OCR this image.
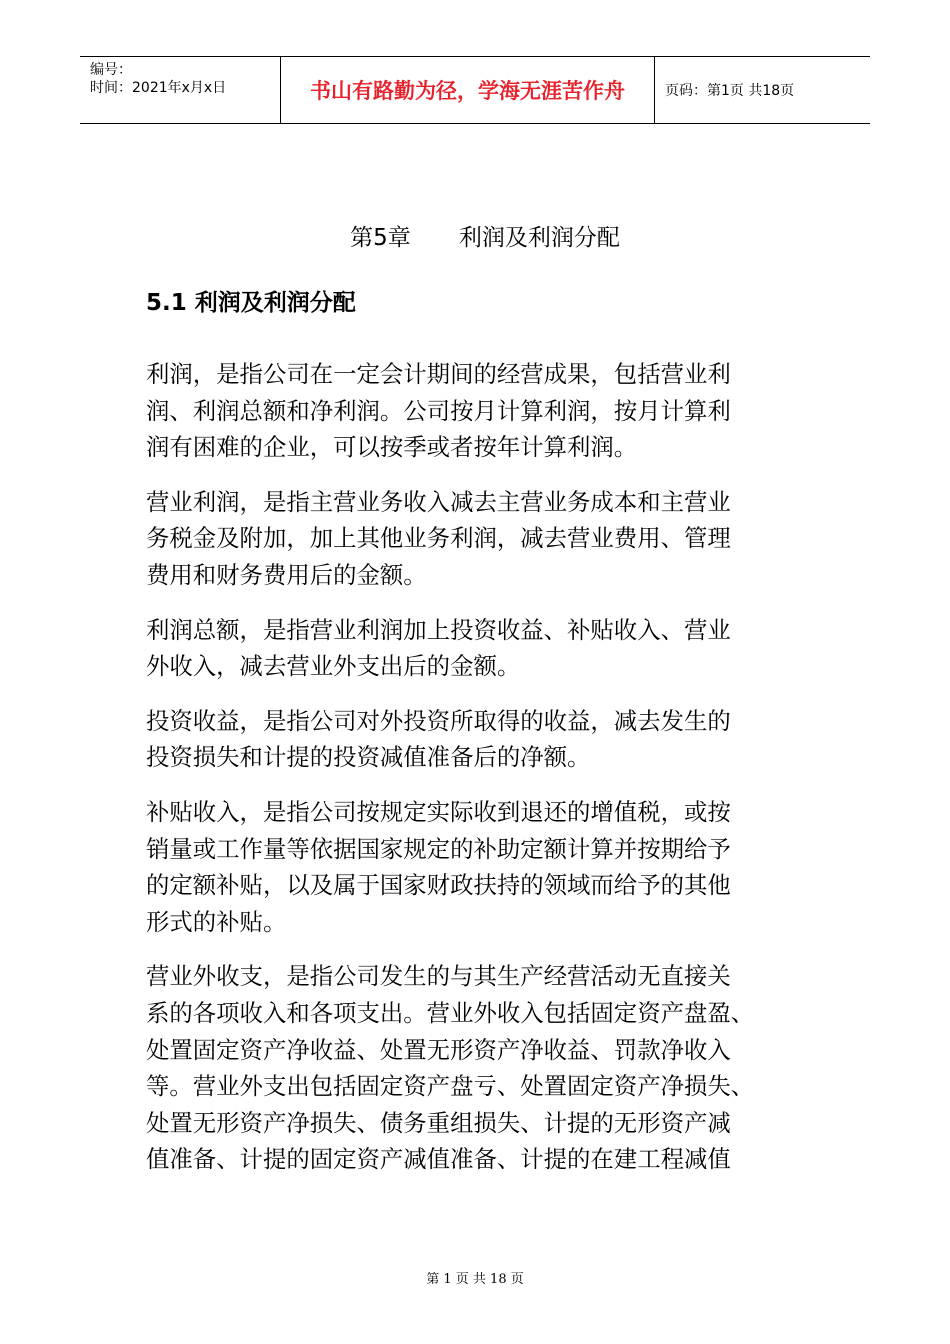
编号：
时间：2021年x月x日	书山有路勤为径，学海无涯苦作舟	页码：第1页 共18页
第5章 利润及利润分配
5.1 利润及利润分配

利润，是指公司在一定会计期间的经营成果，包括营业利
润、利润总额和净利润。公司按月计算利润，按月计算利
润有困难的企业，可以按季或者按年计算利润。

营业利润，是指主营业务收入减去主营业务成本和主营业
务税金及附加，加上其他业务利润，减去营业费用、管理
费用和财务费用后的金额。

利润总额，是指营业利润加上投资收益、补贴收入、营业
外收入，减去营业外支出后的金额。

投资收益，是指公司对外投资所取得的收益，减去发生的
投资损失和计提的投资减值准备后的净额。

补贴收入，是指公司按规定实际收到退还的增值税，或按
销量或工作量等依据国家规定的补助定额计算并按期给予
的定额补贴，以及属于国家财政扶持的领域而给予的其他
形式的补贴。

营业外收支，是指公司发生的与其生产经营活动无直接关
系的各项收入和各项支出。营业外收入包括固定资产盘盈、
处置固定资产净收益、处置无形资产净收益、罚款净收入
等。营业外支出包括固定资产盘亏、处置固定资产净损失、
处置无形资产净损失、债务重组损失、计提的无形资产减
值准备、计提的固定资产减值准备、计提的在建工程减值

第 1 页 共 18 页
